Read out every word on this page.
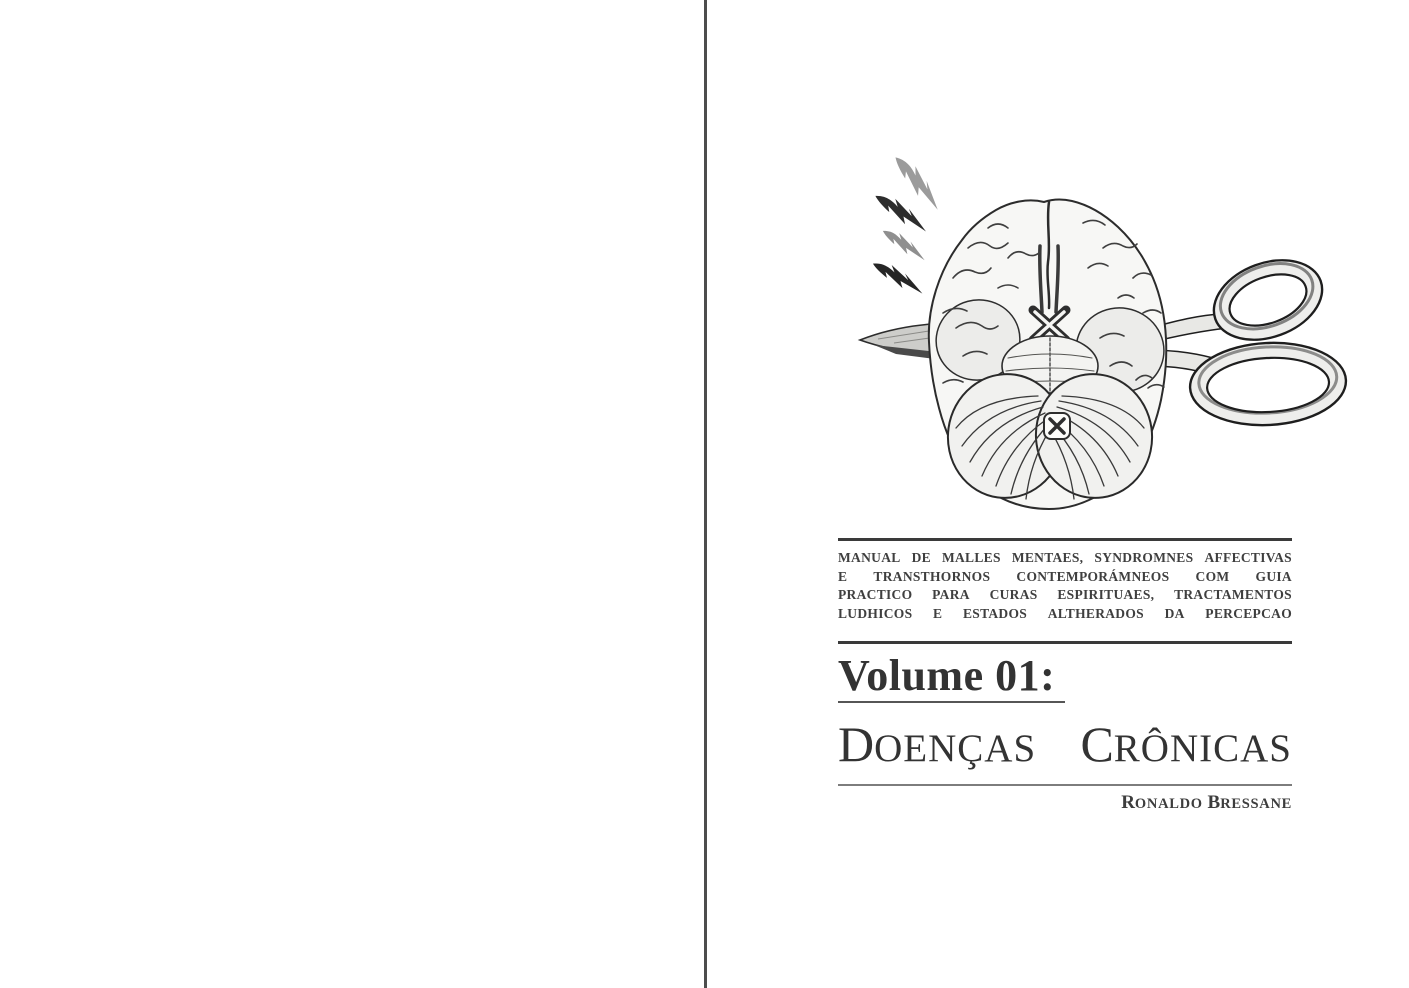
MANUAL DE MALLES MENTAES, SYNDROMNES AFFECTIVAS
E TRANSTHORNOS CONTEMPORÁMNEOS COM GUIA
PRACTICO PARA CURAS ESPIRITUAES, TRACTAMENTOS
LUDHICOS E ESTADOS ALTHERADOS DA PERCEPCAO
Volume 01:
DOENÇAS CRÔNICAS
RONALDO BRESSANE
